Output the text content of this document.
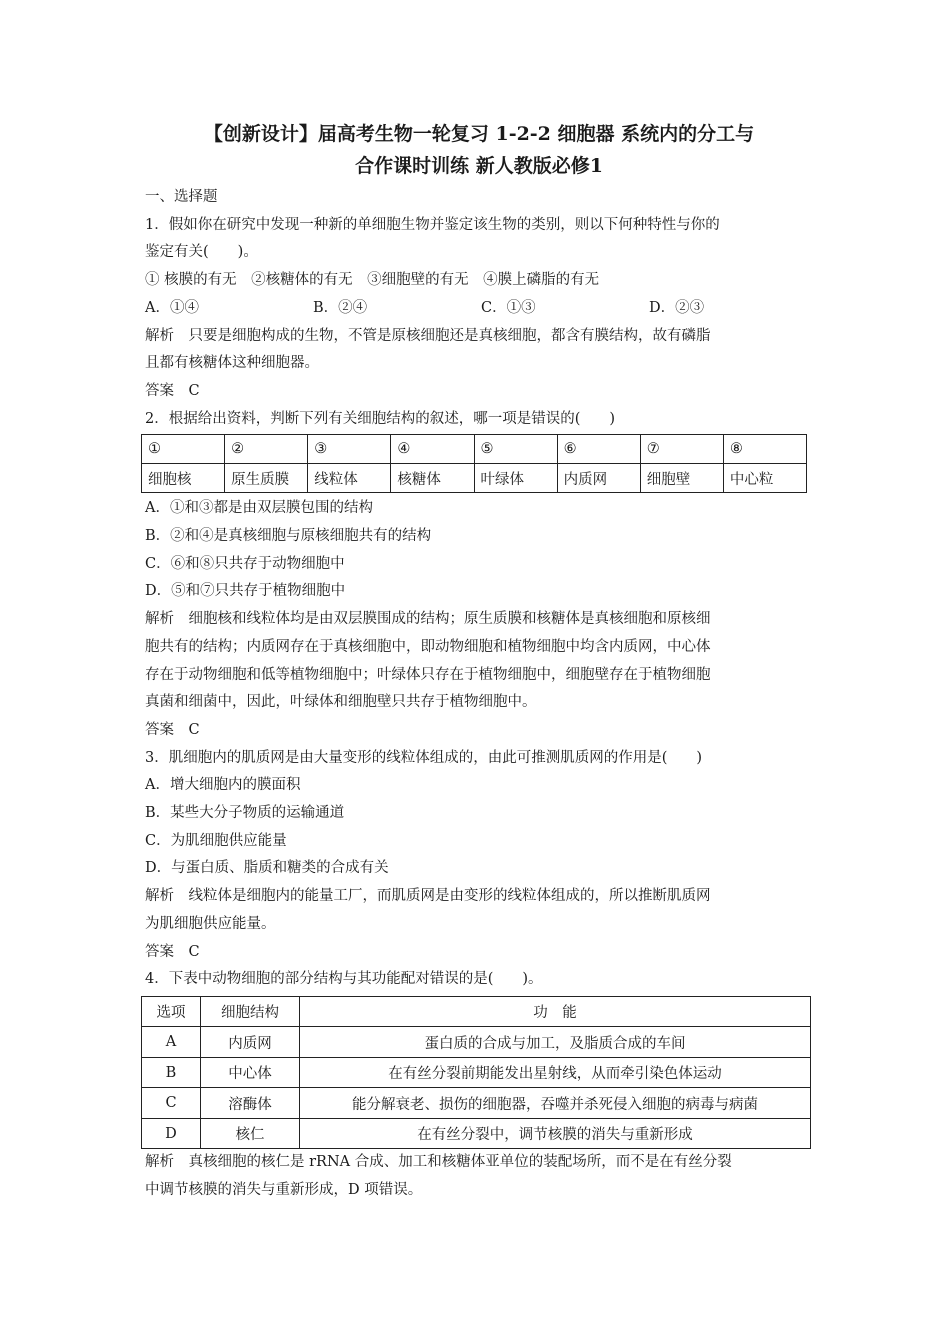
【创新设计】届高考生物一轮复习 1-2-2 细胞器 系统内的分工与
合作课时训练 新人教版必修1
一、选择题
1．假如你在研究中发现一种新的单细胞生物并鉴定该生物的类别，则以下何种特性与你的
鉴定有关(　　)。
① 核膜的有无　②核糖体的有无　③细胞壁的有无　④膜上磷脂的有无
A．①④	B．②④	C．①③	D．②③
解析　只要是细胞构成的生物，不管是原核细胞还是真核细胞，都含有膜结构，故有磷脂
且都有核糖体这种细胞器。
答案　C
2．根据给出资料，判断下列有关细胞结构的叙述，哪一项是错误的(　　)
①	②	③	④	⑤	⑥	⑦	⑧
细胞核	原生质膜	线粒体	核糖体	叶绿体	内质网	细胞壁	中心粒
A．①和③都是由双层膜包围的结构
B．②和④是真核细胞与原核细胞共有的结构
C．⑥和⑧只共存于动物细胞中
D．⑤和⑦只共存于植物细胞中
解析　细胞核和线粒体均是由双层膜围成的结构；原生质膜和核糖体是真核细胞和原核细
胞共有的结构；内质网存在于真核细胞中，即动物细胞和植物细胞中均含内质网，中心体
存在于动物细胞和低等植物细胞中；叶绿体只存在于植物细胞中，细胞壁存在于植物细胞
真菌和细菌中，因此，叶绿体和细胞壁只共存于植物细胞中。
答案　C
3．肌细胞内的肌质网是由大量变形的线粒体组成的，由此可推测肌质网的作用是(　　)
A．增大细胞内的膜面积
B．某些大分子物质的运输通道
C．为肌细胞供应能量
D．与蛋白质、脂质和糖类的合成有关
解析　线粒体是细胞内的能量工厂，而肌质网是由变形的线粒体组成的，所以推断肌质网
为肌细胞供应能量。
答案　C
4．下表中动物细胞的部分结构与其功能配对错误的是(　　)。
选项	细胞结构	功　能
A	内质网	蛋白质的合成与加工，及脂质合成的车间
B	中心体	在有丝分裂前期能发出星射线，从而牵引染色体运动
C	溶酶体	能分解衰老、损伤的细胞器，吞噬并杀死侵入细胞的病毒与病菌
D	核仁	在有丝分裂中，调节核膜的消失与重新形成
解析　真核细胞的核仁是 rRNA 合成、加工和核糖体亚单位的装配场所，而不是在有丝分裂
中调节核膜的消失与重新形成，D 项错误。
